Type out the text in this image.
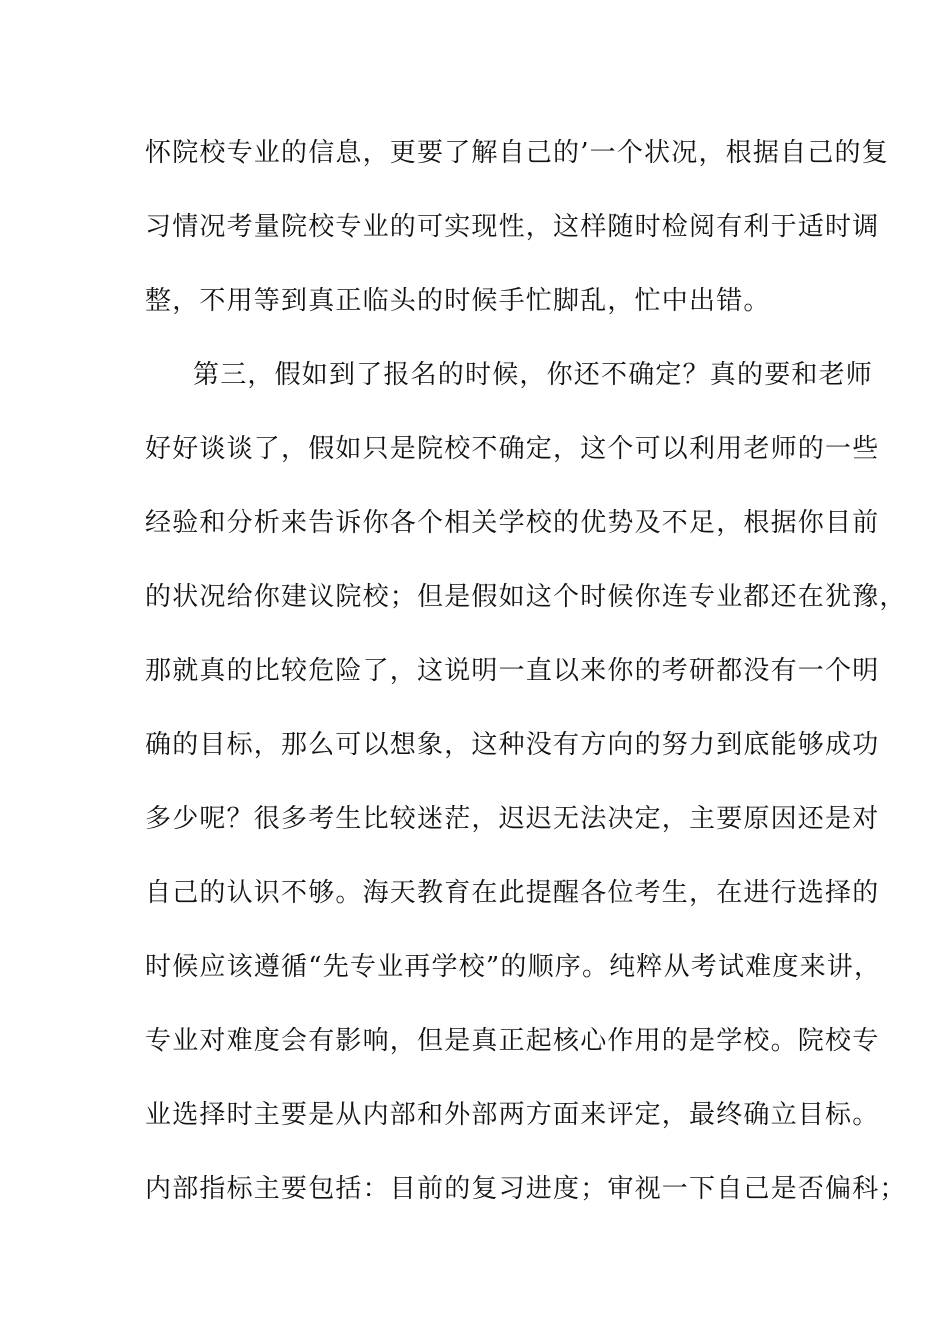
怀院校专业的信息，更要了解自己的’一个状况，根据自己的复
习情况考量院校专业的可实现性，这样随时检阅有利于适时调
整，不用等到真正临头的时候手忙脚乱，忙中出错。
第三，假如到了报名的时候，你还不确定？真的要和老师
好好谈谈了，假如只是院校不确定，这个可以利用老师的一些
经验和分析来告诉你各个相关学校的优势及不足，根据你目前
的状况给你建议院校；但是假如这个时候你连专业都还在犹豫，
那就真的比较危险了，这说明一直以来你的考研都没有一个明
确的目标，那么可以想象，这种没有方向的努力到底能够成功
多少呢？很多考生比较迷茫，迟迟无法决定，主要原因还是对
自己的认识不够。海天教育在此提醒各位考生，在进行选择的
时候应该遵循“先专业再学校”的顺序。纯粹从考试难度来讲，
专业对难度会有影响，但是真正起核心作用的是学校。院校专
业选择时主要是从内部和外部两方面来评定，最终确立目标。
内部指标主要包括：目前的复习进度；审视一下自己是否偏科；
